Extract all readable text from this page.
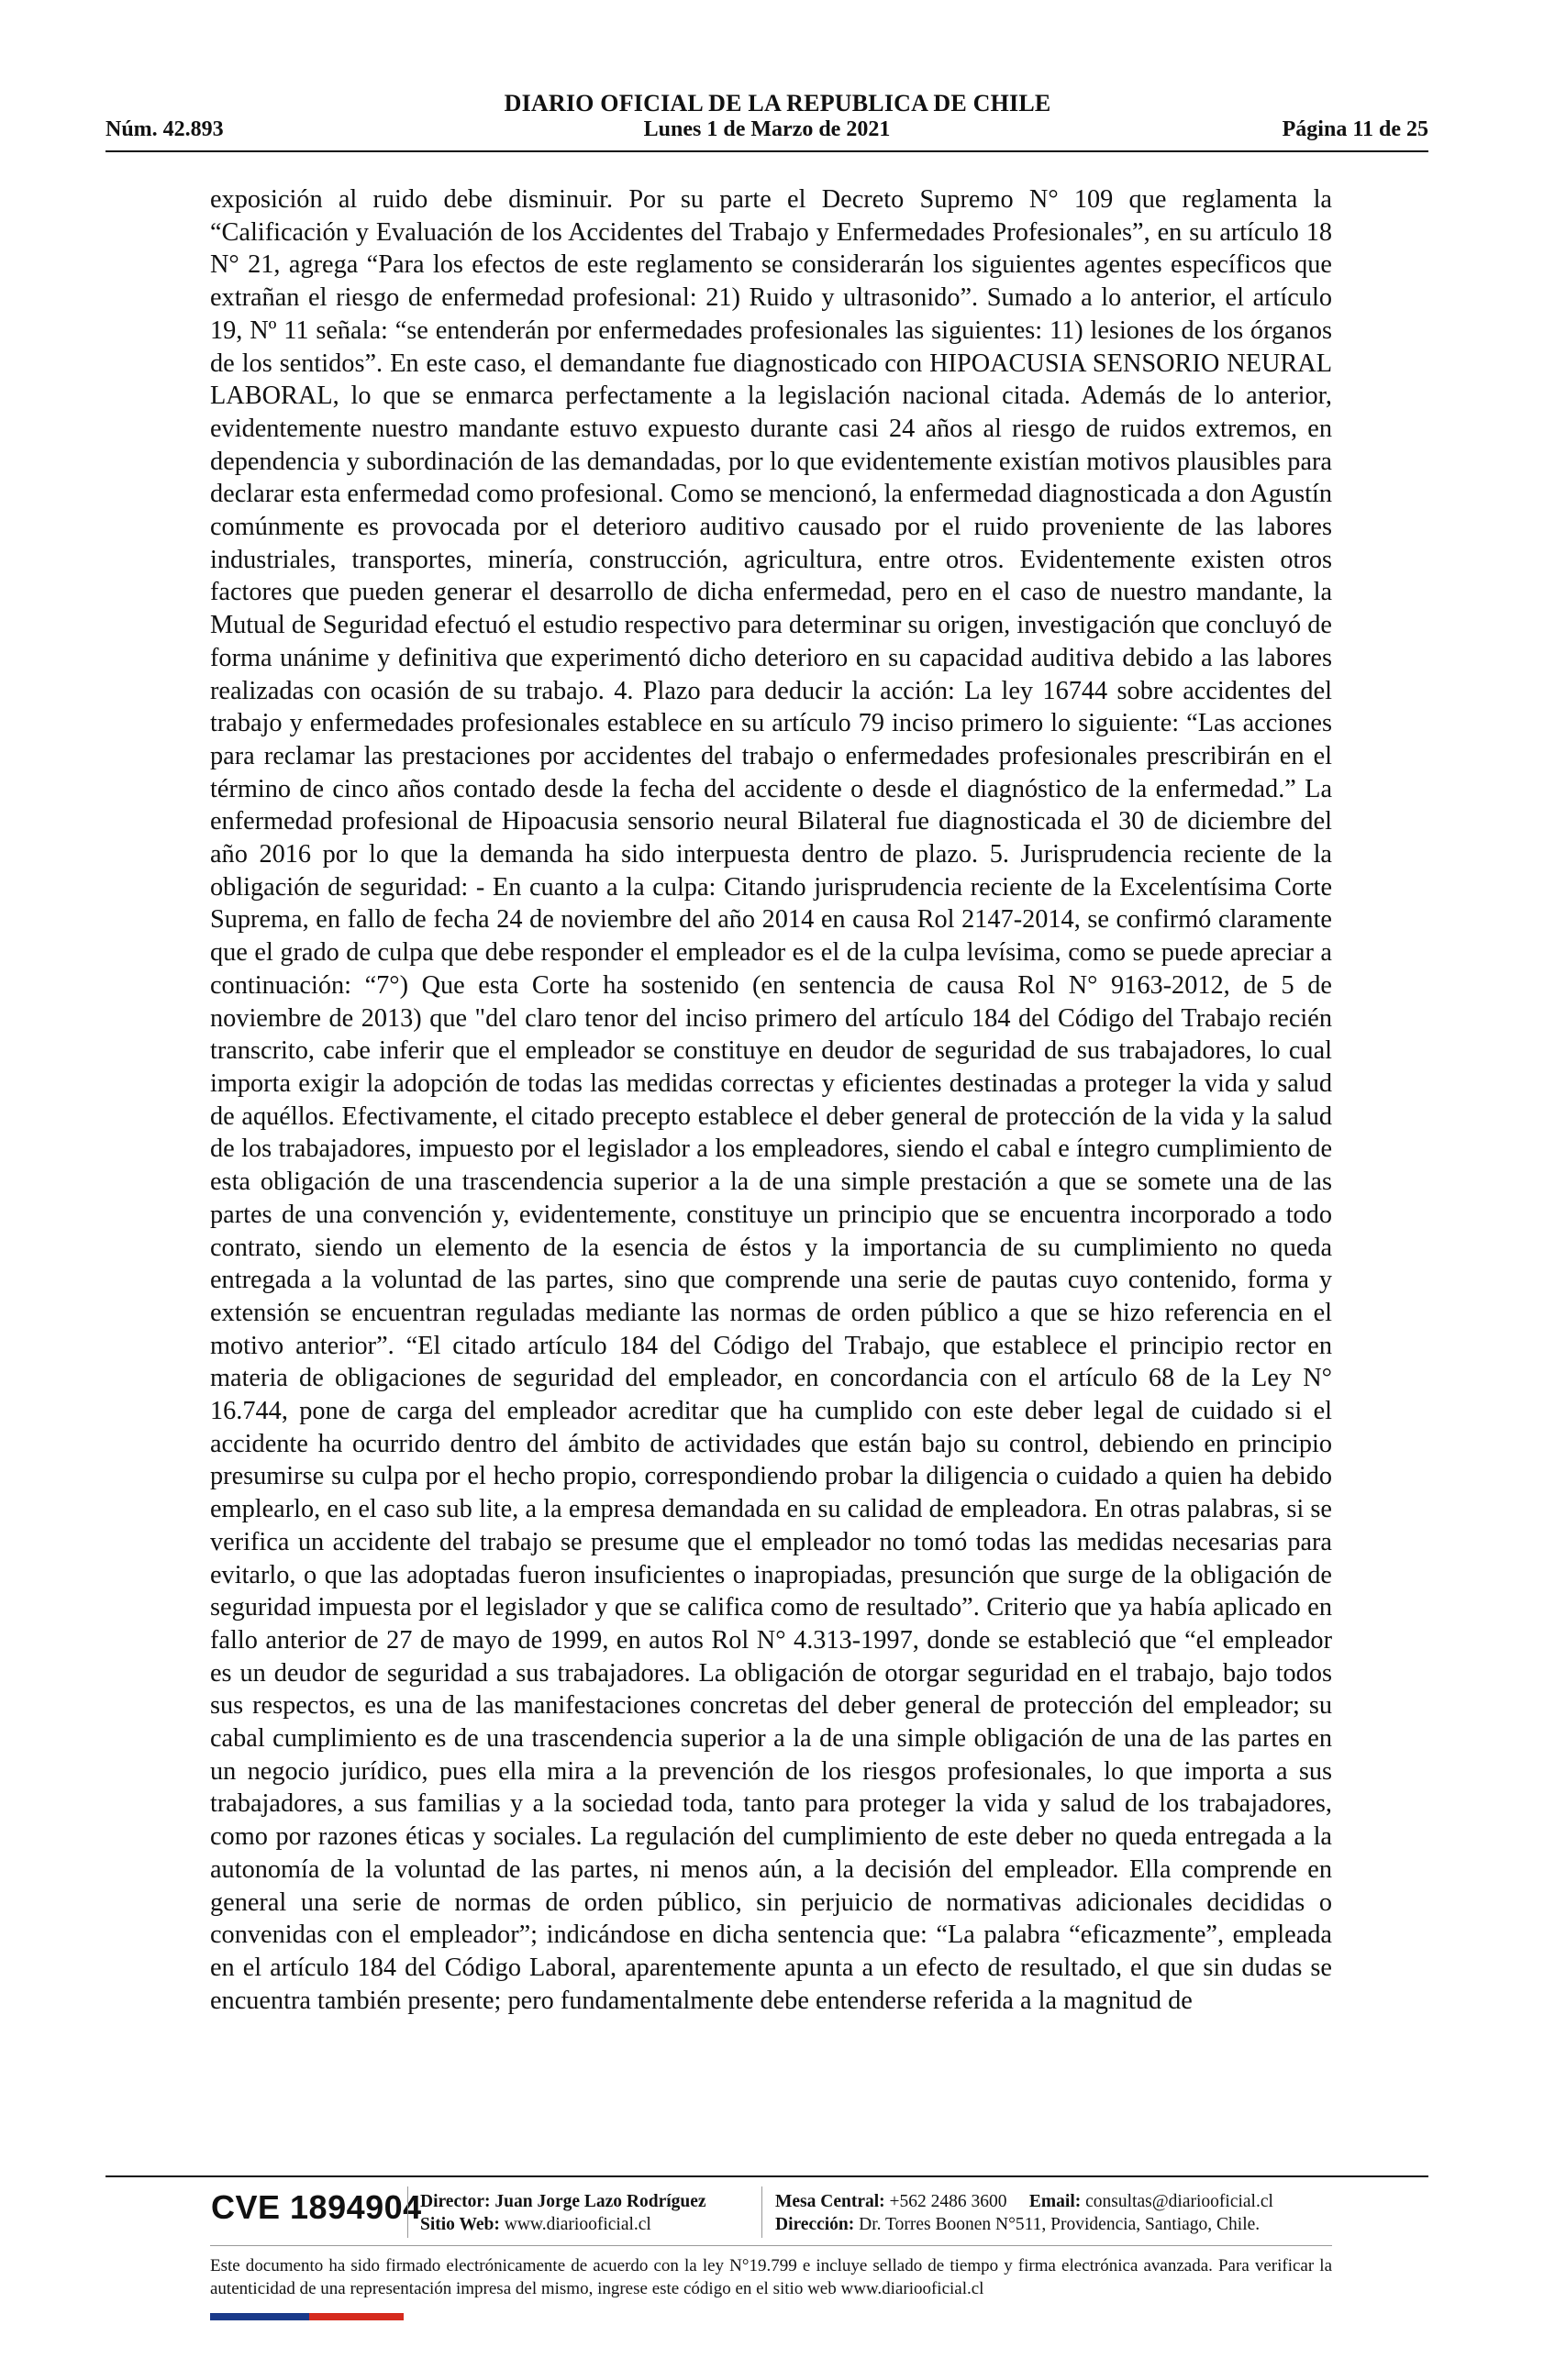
DIARIO OFICIAL DE LA REPUBLICA DE CHILE
Núm. 42.893	Lunes 1 de Marzo de 2021	Página 11 de 25
exposición al ruido debe disminuir. Por su parte el Decreto Supremo N° 109 que reglamenta la “Calificación y Evaluación de los Accidentes del Trabajo y Enfermedades Profesionales”, en su artículo 18 N° 21, agrega “Para los efectos de este reglamento se considerarán los siguientes agentes específicos que extrañan el riesgo de enfermedad profesional: 21) Ruido y ultrasonido”. Sumado a lo anterior, el artículo 19, Nº 11 señala: “se entenderán por enfermedades profesionales las siguientes: 11) lesiones de los órganos de los sentidos”. En este caso, el demandante fue diagnosticado con HIPOACUSIA SENSORIO NEURAL LABORAL, lo que se enmarca perfectamente a la legislación nacional citada. Además de lo anterior, evidentemente nuestro mandante estuvo expuesto durante casi 24 años al riesgo de ruidos extremos, en dependencia y subordinación de las demandadas, por lo que evidentemente existían motivos plausibles para declarar esta enfermedad como profesional. Como se mencionó, la enfermedad diagnosticada a don Agustín comúnmente es provocada por el deterioro auditivo causado por el ruido proveniente de las labores industriales, transportes, minería, construcción, agricultura, entre otros. Evidentemente existen otros factores que pueden generar el desarrollo de dicha enfermedad, pero en el caso de nuestro mandante, la Mutual de Seguridad efectuó el estudio respectivo para determinar su origen, investigación que concluyó de forma unánime y definitiva que experimentó dicho deterioro en su capacidad auditiva debido a las labores realizadas con ocasión de su trabajo. 4. Plazo para deducir la acción: La ley 16744 sobre accidentes del trabajo y enfermedades profesionales establece en su artículo 79 inciso primero lo siguiente: “Las acciones para reclamar las prestaciones por accidentes del trabajo o enfermedades profesionales prescribirán en el término de cinco años contado desde la fecha del accidente o desde el diagnóstico de la enfermedad.” La enfermedad profesional de Hipoacusia sensorio neural Bilateral fue diagnosticada el 30 de diciembre del año 2016 por lo que la demanda ha sido interpuesta dentro de plazo. 5. Jurisprudencia reciente de la obligación de seguridad: - En cuanto a la culpa: Citando jurisprudencia reciente de la Excelentísima Corte Suprema, en fallo de fecha 24 de noviembre del año 2014 en causa Rol 2147-2014, se confirmó claramente que el grado de culpa que debe responder el empleador es el de la culpa levísima, como se puede apreciar a continuación: “7°) Que esta Corte ha sostenido (en sentencia de causa Rol N° 9163-2012, de 5 de noviembre de 2013) que "del claro tenor del inciso primero del artículo 184 del Código del Trabajo recién transcrito, cabe inferir que el empleador se constituye en deudor de seguridad de sus trabajadores, lo cual importa exigir la adopción de todas las medidas correctas y eficientes destinadas a proteger la vida y salud de aquéllos. Efectivamente, el citado precepto establece el deber general de protección de la vida y la salud de los trabajadores, impuesto por el legislador a los empleadores, siendo el cabal e íntegro cumplimiento de esta obligación de una trascendencia superior a la de una simple prestación a que se somete una de las partes de una convención y, evidentemente, constituye un principio que se encuentra incorporado a todo contrato, siendo un elemento de la esencia de éstos y la importancia de su cumplimiento no queda entregada a la voluntad de las partes, sino que comprende una serie de pautas cuyo contenido, forma y extensión se encuentran reguladas mediante las normas de orden público a que se hizo referencia en el motivo anterior”. “El citado artículo 184 del Código del Trabajo, que establece el principio rector en materia de obligaciones de seguridad del empleador, en concordancia con el artículo 68 de la Ley N° 16.744, pone de carga del empleador acreditar que ha cumplido con este deber legal de cuidado si el accidente ha ocurrido dentro del ámbito de actividades que están bajo su control, debiendo en principio presumirse su culpa por el hecho propio, correspondiendo probar la diligencia o cuidado a quien ha debido emplearlo, en el caso sub lite, a la empresa demandada en su calidad de empleadora. En otras palabras, si se verifica un accidente del trabajo se presume que el empleador no tomó todas las medidas necesarias para evitarlo, o que las adoptadas fueron insuficientes o inapropiadas, presunción que surge de la obligación de seguridad impuesta por el legislador y que se califica como de resultado”. Criterio que ya había aplicado en fallo anterior de 27 de mayo de 1999, en autos Rol N° 4.313-1997, donde se estableció que “el empleador es un deudor de seguridad a sus trabajadores. La obligación de otorgar seguridad en el trabajo, bajo todos sus respectos, es una de las manifestaciones concretas del deber general de protección del empleador; su cabal cumplimiento es de una trascendencia superior a la de una simple obligación de una de las partes en un negocio jurídico, pues ella mira a la prevención de los riesgos profesionales, lo que importa a sus trabajadores, a sus familias y a la sociedad toda, tanto para proteger la vida y salud de los trabajadores, como por razones éticas y sociales. La regulación del cumplimiento de este deber no queda entregada a la autonomía de la voluntad de las partes, ni menos aún, a la decisión del empleador. Ella comprende en general una serie de normas de orden público, sin perjuicio de normativas adicionales decididas o convenidas con el empleador”; indicándose en dicha sentencia que: “La palabra “eficazmente”, empleada en el artículo 184 del Código Laboral, aparentemente apunta a un efecto de resultado, el que sin dudas se encuentra también presente; pero fundamentalmente debe entenderse referida a la magnitud de
CVE 1894904
Director: Juan Jorge Lazo Rodríguez
Sitio Web: www.diariooficial.cl
Mesa Central: +562 2486 3600 Email: consultas@diariooficial.cl
Dirección: Dr. Torres Boonen N°511, Providencia, Santiago, Chile.
Este documento ha sido firmado electrónicamente de acuerdo con la ley N°19.799 e incluye sellado de tiempo y firma electrónica avanzada. Para verificar la autenticidad de una representación impresa del mismo, ingrese este código en el sitio web www.diariooficial.cl
